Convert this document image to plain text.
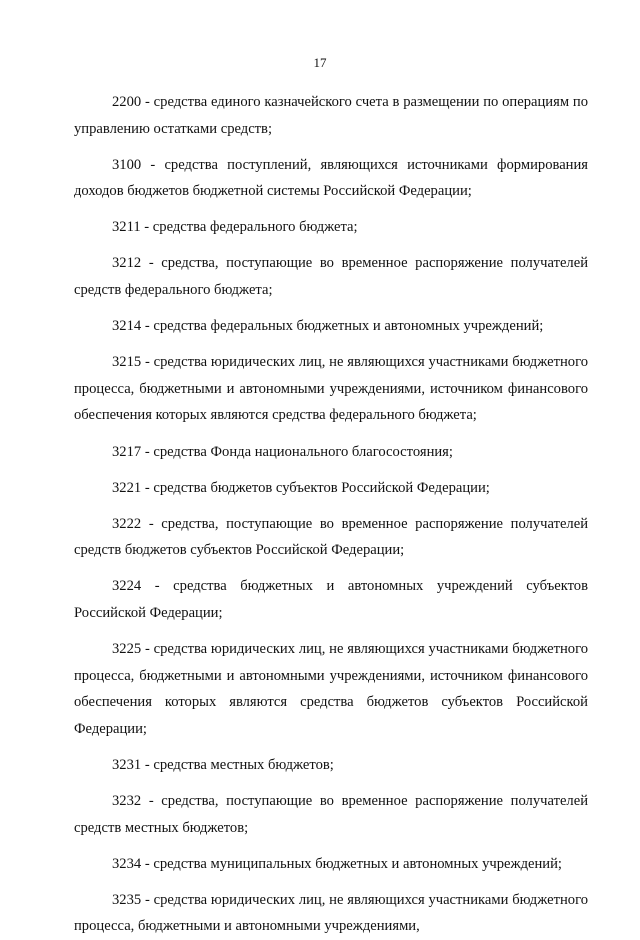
17

2200 - средства единого казначейского счета в размещении по операциям по управлению остатками средств;

3100 - средства поступлений, являющихся источниками формирования доходов бюджетов бюджетной системы Российской Федерации;

3211 - средства федерального бюджета;

3212 - средства, поступающие во временное распоряжение получателей средств федерального бюджета;

3214 - средства федеральных бюджетных и автономных учреждений;

3215 - средства юридических лиц, не являющихся участниками бюджетного процесса, бюджетными и автономными учреждениями, источником финансового обеспечения которых являются средства федерального бюджета;

3217 - средства Фонда национального благосостояния;

3221 - средства бюджетов субъектов Российской Федерации;

3222 - средства, поступающие во временное распоряжение получателей средств бюджетов субъектов Российской Федерации;

3224 - средства бюджетных и автономных учреждений субъектов Российской Федерации;

3225 - средства юридических лиц, не являющихся участниками бюджетного процесса, бюджетными и автономными учреждениями, источником финансового обеспечения которых являются средства бюджетов субъектов Российской Федерации;

3231 - средства местных бюджетов;

3232 - средства, поступающие во временное распоряжение получателей средств местных бюджетов;

3234 - средства муниципальных бюджетных и автономных учреждений;

3235 - средства юридических лиц, не являющихся участниками бюджетного процесса, бюджетными и автономными учреждениями,
